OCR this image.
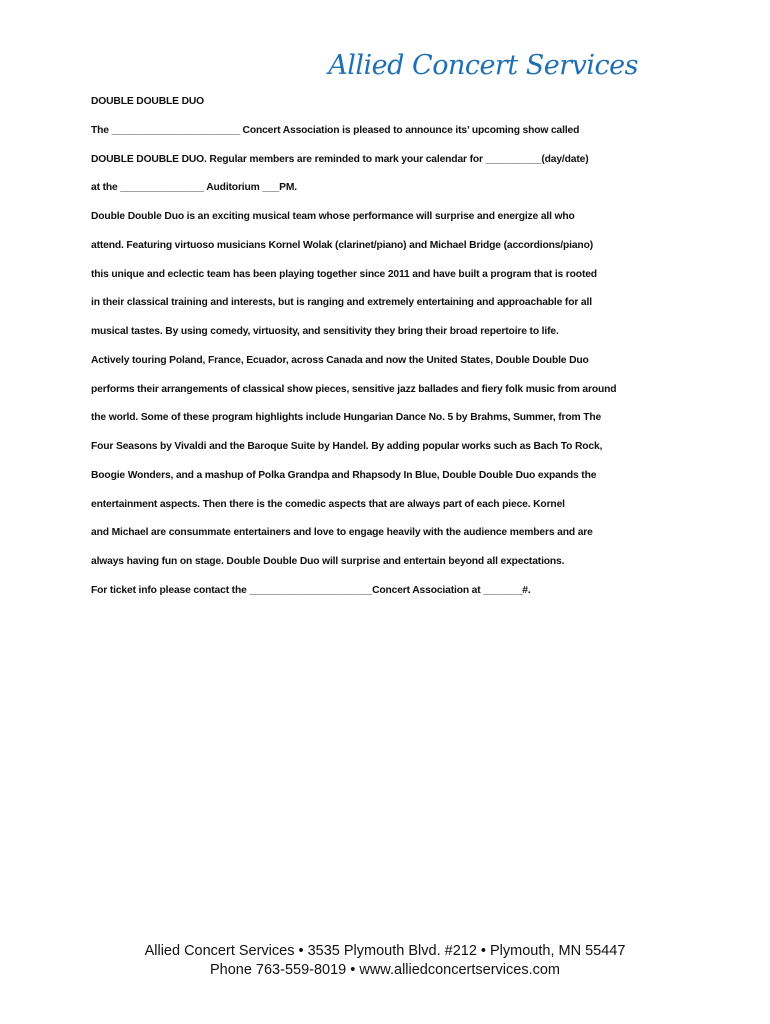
Allied Concert Services
DOUBLE DOUBLE DUO
The _______________________ Concert Association is pleased to announce its’ upcoming show called
DOUBLE DOUBLE DUO. Regular members are reminded to mark your calendar for __________(day/date)
at the _______________ Auditorium ___PM.
Double Double Duo is an exciting musical team whose performance will surprise and energize all who
attend. Featuring virtuoso musicians Kornel Wolak (clarinet/piano) and Michael Bridge (accordions/piano)
this unique and eclectic team has been playing together since 2011 and have built a program that is rooted
in their classical training and interests, but is ranging and extremely entertaining and approachable for all
musical tastes. By using comedy, virtuosity, and sensitivity they bring their broad repertoire to life.
Actively touring Poland, France, Ecuador, across Canada and now the United States, Double Double Duo
performs their arrangements of classical show pieces, sensitive jazz ballades and fiery folk music from around
the world. Some of these program highlights include Hungarian Dance No. 5 by Brahms, Summer, from The
Four Seasons by Vivaldi and the Baroque Suite by Handel. By adding popular works such as Bach To Rock,
Boogie Wonders, and a mashup of Polka Grandpa and Rhapsody In Blue, Double Double Duo expands the
entertainment aspects. Then there is the comedic aspects that are always part of each piece. Kornel
and Michael are consummate entertainers and love to engage heavily with the audience members and are
always having fun on stage. Double Double Duo will surprise and entertain beyond all expectations.
For ticket info please contact the ______________________Concert Association at _______#.
Allied Concert Services • 3535 Plymouth Blvd. #212 • Plymouth, MN 55447
Phone 763-559-8019 • www.alliedconcertservices.com
